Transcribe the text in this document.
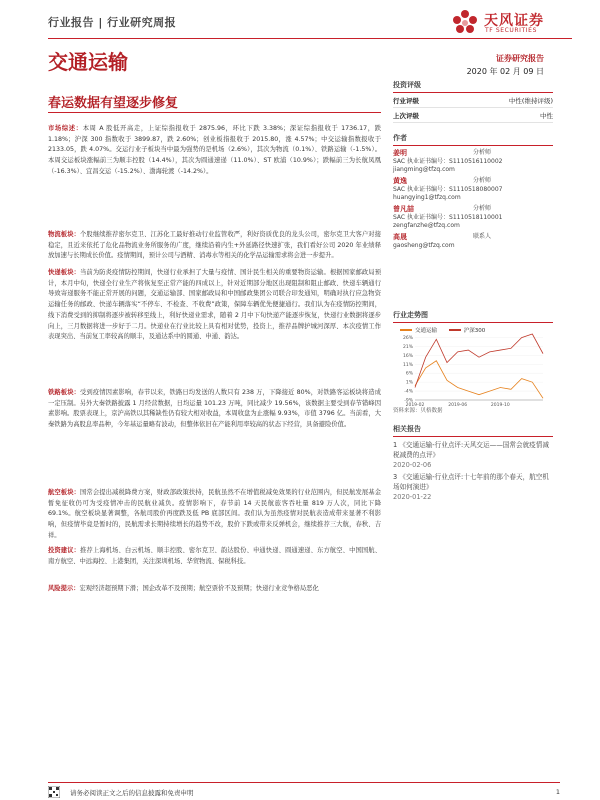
行业报告 | 行业研究周报	天风证券
TF SECURITIES
交通运输	证券研究报告
2020 年 02 月 09 日
春运数据有望逐步修复
市场综述：本周 A 股低开高走，上证综指报收于 2875.96，环比下跌 3.38%；深证综指报收于 1736.17，跌 1.18%；沪深 300 指数收于 3899.87，跌 2.60%；创业板指报收于 2015.80，涨 4.57%；中交运输指数报收于 2133.05，跌 4.07%。交运行业子板块当中最为强势的是机场（2.6%），其次为物流（0.1%）、铁路运输（-1.5%）。本周交运板块涨幅前三为顺丰控股（14.4%），其次为圆通速递（11.0%）、ST 欧浦（10.9%）；跌幅前三为长航凤凰（-16.3%）、宜昌交运（-15.2%）、渤海轮渡（-14.2%）。
物流板块：个股继续推荐密尔克卫、江苏化工最好推动行业监管收严，利好资质优良的龙头公司，密尔克卫大客户对接稳定，且近来依托了危化品物流业务所服务的广度，继续沿着内生+外延路径快速扩张，我们看好公司 2020 年业绩释放加速与长期成长价值。疫情期间，预计公司与酒精、消毒水等相关的化学品运输需求将会进一步提升。
快递板块：当前为防炎疫情防控期间，快递行业承担了大量与疫情、国计民生相关的重要物资运输。根据国家邮政局预计，本月中旬，快递全行业生产将恢复至正常产能的四成以上，针对近期部分地区出现阻制和阻止邮政、快递车辆通行导致寄递服务不能正常开展的问题，交通运输部、国家邮政局和中国邮政集团公司联合印发通知，明确对执行应急物资运输任务的邮政、快递车辆落实“不停车、不检查、不收费”政策，保障车辆优先便捷通行。我们认为在疫情防控期间，线下消费受到的抑制将逐步被转移至线上，利好快递业需求，随着 2 月中下旬快递产能逐步恢复，快递行业数据将逐步向上，三月数据将进一步好于二月。快递业在行业比较上具有相对优势，投资上，推荐品牌护城河深厚、本次疫情工作表现突出、当前复工率较高的顺丰，及通达系中的圆通、申通、韵达。
铁路板块：受到疫情因素影响，春节以来，铁路日均发送的人数只有 238 万，下降接近 80%，对铁路客运板块将造成一定压制。另外大秦铁路披露 1 月经营数据，日均运量 101.23 万吨，同比减少 19.56%，该数据主要受到春节错峰因素影响。股票表现上，京沪高铁以其稀缺性仍有较大相对收益，本周收盘为止涨幅 9.93%，市值 3796 亿。当前看，大秦铁路为高股息率品种，今年基运量略有波动，但整体依旧在产能利用率较高的状态下经营，具备避险价值。
航空板块：国常会提出减税降费方案，财政部政策扶持，民航虽然不在增值税减免效果的行业范围内，但民航发展基金暂免征收仍可为受疫情冲击的民航业减负。疫情影响下，春节前 14 天民航旅客吞吐量 819 万人次，同比下降 69.1%。航空板块显著调整，各航司股价再度跌及低 PB 底部区间。我们认为虽然疫情对民航表造成带来显著不利影响，但疫情毕竟是暂时的，民航需求长期持续增长的趋势不改，股价下跌或带来反弹机会，继续推荐三大航，春秋、吉祥。
投资建议：推荐上海机场、白云机场、顺丰控股、密尔克卫、韵达股份、申通快递、圆通速递、东方航空、中国国航、南方航空、中远海控、上港集团，关注深圳机场、华贸物流、保税科技。
风险提示：宏观经济超预期下滑；国企改革不及预期；航空票价不及预期；快递行业竞争格局恶化
投资评级
行业评级	中性(维持评级)
上次评级	中性
作者
姜明	分析师
SAC 执业证书编号：S1110516110002
jiangming@tfzq.com
黄逸	分析师
SAC 执业证书编号：S1110518080007
huangying1@tfzq.com
曾凡喆	分析师
SAC 执业证书编号：S1110518110001
zengfanzhe@tfzq.com
高晟	联系人
gaosheng@tfzq.com
行业走势图
交通运输
	沪深300
-9%
-4%
1%
6%
11%
16%
21%
26%
2019-02	2019-06	2019-10
资料来源：贝格数据
相关报告
1 《交通运输-行业点评:天风交运——国常会就疫情减税减费的点评》
2020-02-06
3 《交通运输-行业点评:十七年前的那个春天，航空机场如何演进》
2020-01-22
请务必阅读正文之后的信息披露和免责申明	1
